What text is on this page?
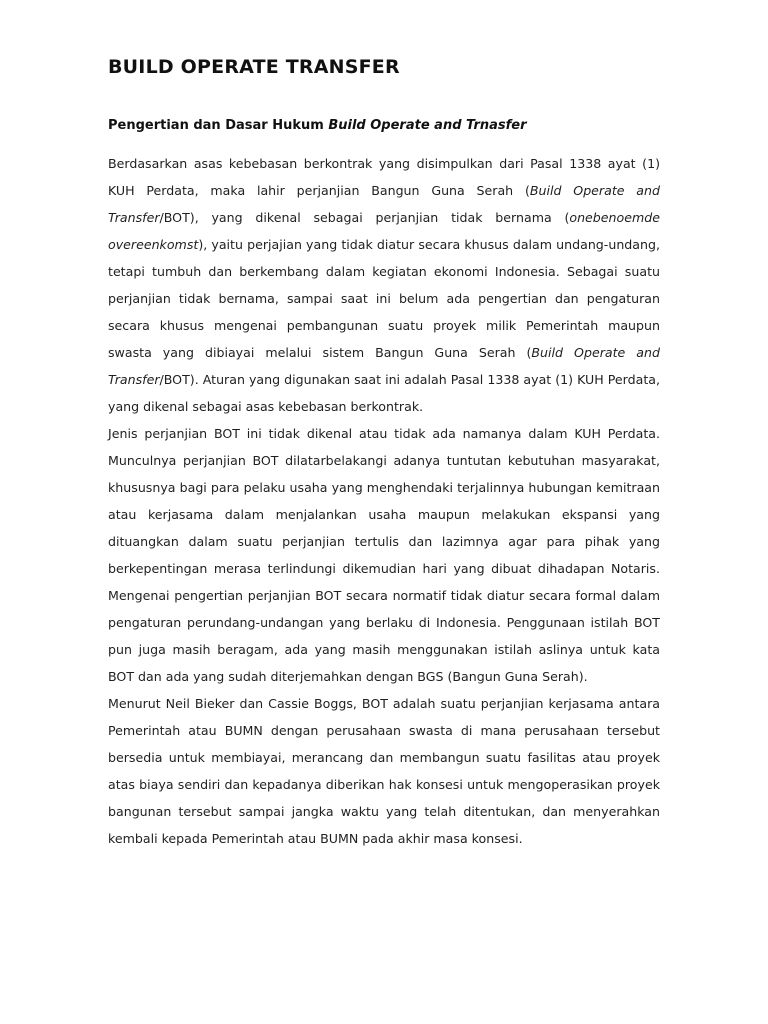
BUILD OPERATE TRANSFER
Pengertian dan Dasar Hukum Build Operate and Trnasfer

Berdasarkan asas kebebasan berkontrak yang disimpulkan dari Pasal 1338 ayat (1) KUH Perdata, maka lahir perjanjian Bangun Guna Serah (Build Operate and Transfer/BOT), yang dikenal sebagai perjanjian tidak bernama (onebenoemde overeenkomst), yaitu perjajian yang tidak diatur secara khusus dalam undang-undang, tetapi tumbuh dan berkembang dalam kegiatan ekonomi Indonesia. Sebagai suatu perjanjian tidak bernama, sampai saat ini belum ada pengertian dan pengaturan secara khusus mengenai pembangunan suatu proyek milik Pemerintah maupun swasta yang dibiayai melalui sistem Bangun Guna Serah (Build Operate and Transfer/BOT). Aturan yang digunakan saat ini adalah Pasal 1338 ayat (1) KUH Perdata, yang dikenal sebagai asas kebebasan berkontrak.

Jenis perjanjian BOT ini tidak dikenal atau tidak ada namanya dalam KUH Perdata. Munculnya perjanjian BOT dilatarbelakangi adanya tuntutan kebutuhan masyarakat, khususnya bagi para pelaku usaha yang menghendaki terjalinnya hubungan kemitraan atau kerjasama dalam menjalankan usaha maupun melakukan ekspansi yang dituangkan dalam suatu perjanjian tertulis dan lazimnya agar para pihak yang berkepentingan merasa terlindungi dikemudian hari yang dibuat dihadapan Notaris. Mengenai pengertian perjanjian BOT secara normatif tidak diatur secara formal dalam pengaturan perundang-undangan yang berlaku di Indonesia. Penggunaan istilah BOT pun juga masih beragam, ada yang masih menggunakan istilah aslinya untuk kata BOT dan ada yang sudah diterjemahkan dengan BGS (Bangun Guna Serah).

Menurut Neil Bieker dan Cassie Boggs, BOT adalah suatu perjanjian kerjasama antara Pemerintah atau BUMN dengan perusahaan swasta di mana perusahaan tersebut bersedia untuk membiayai, merancang dan membangun suatu fasilitas atau proyek atas biaya sendiri dan kepadanya diberikan hak konsesi untuk mengoperasikan proyek bangunan tersebut sampai jangka waktu yang telah ditentukan, dan menyerahkan kembali kepada Pemerintah atau BUMN pada akhir masa konsesi.
